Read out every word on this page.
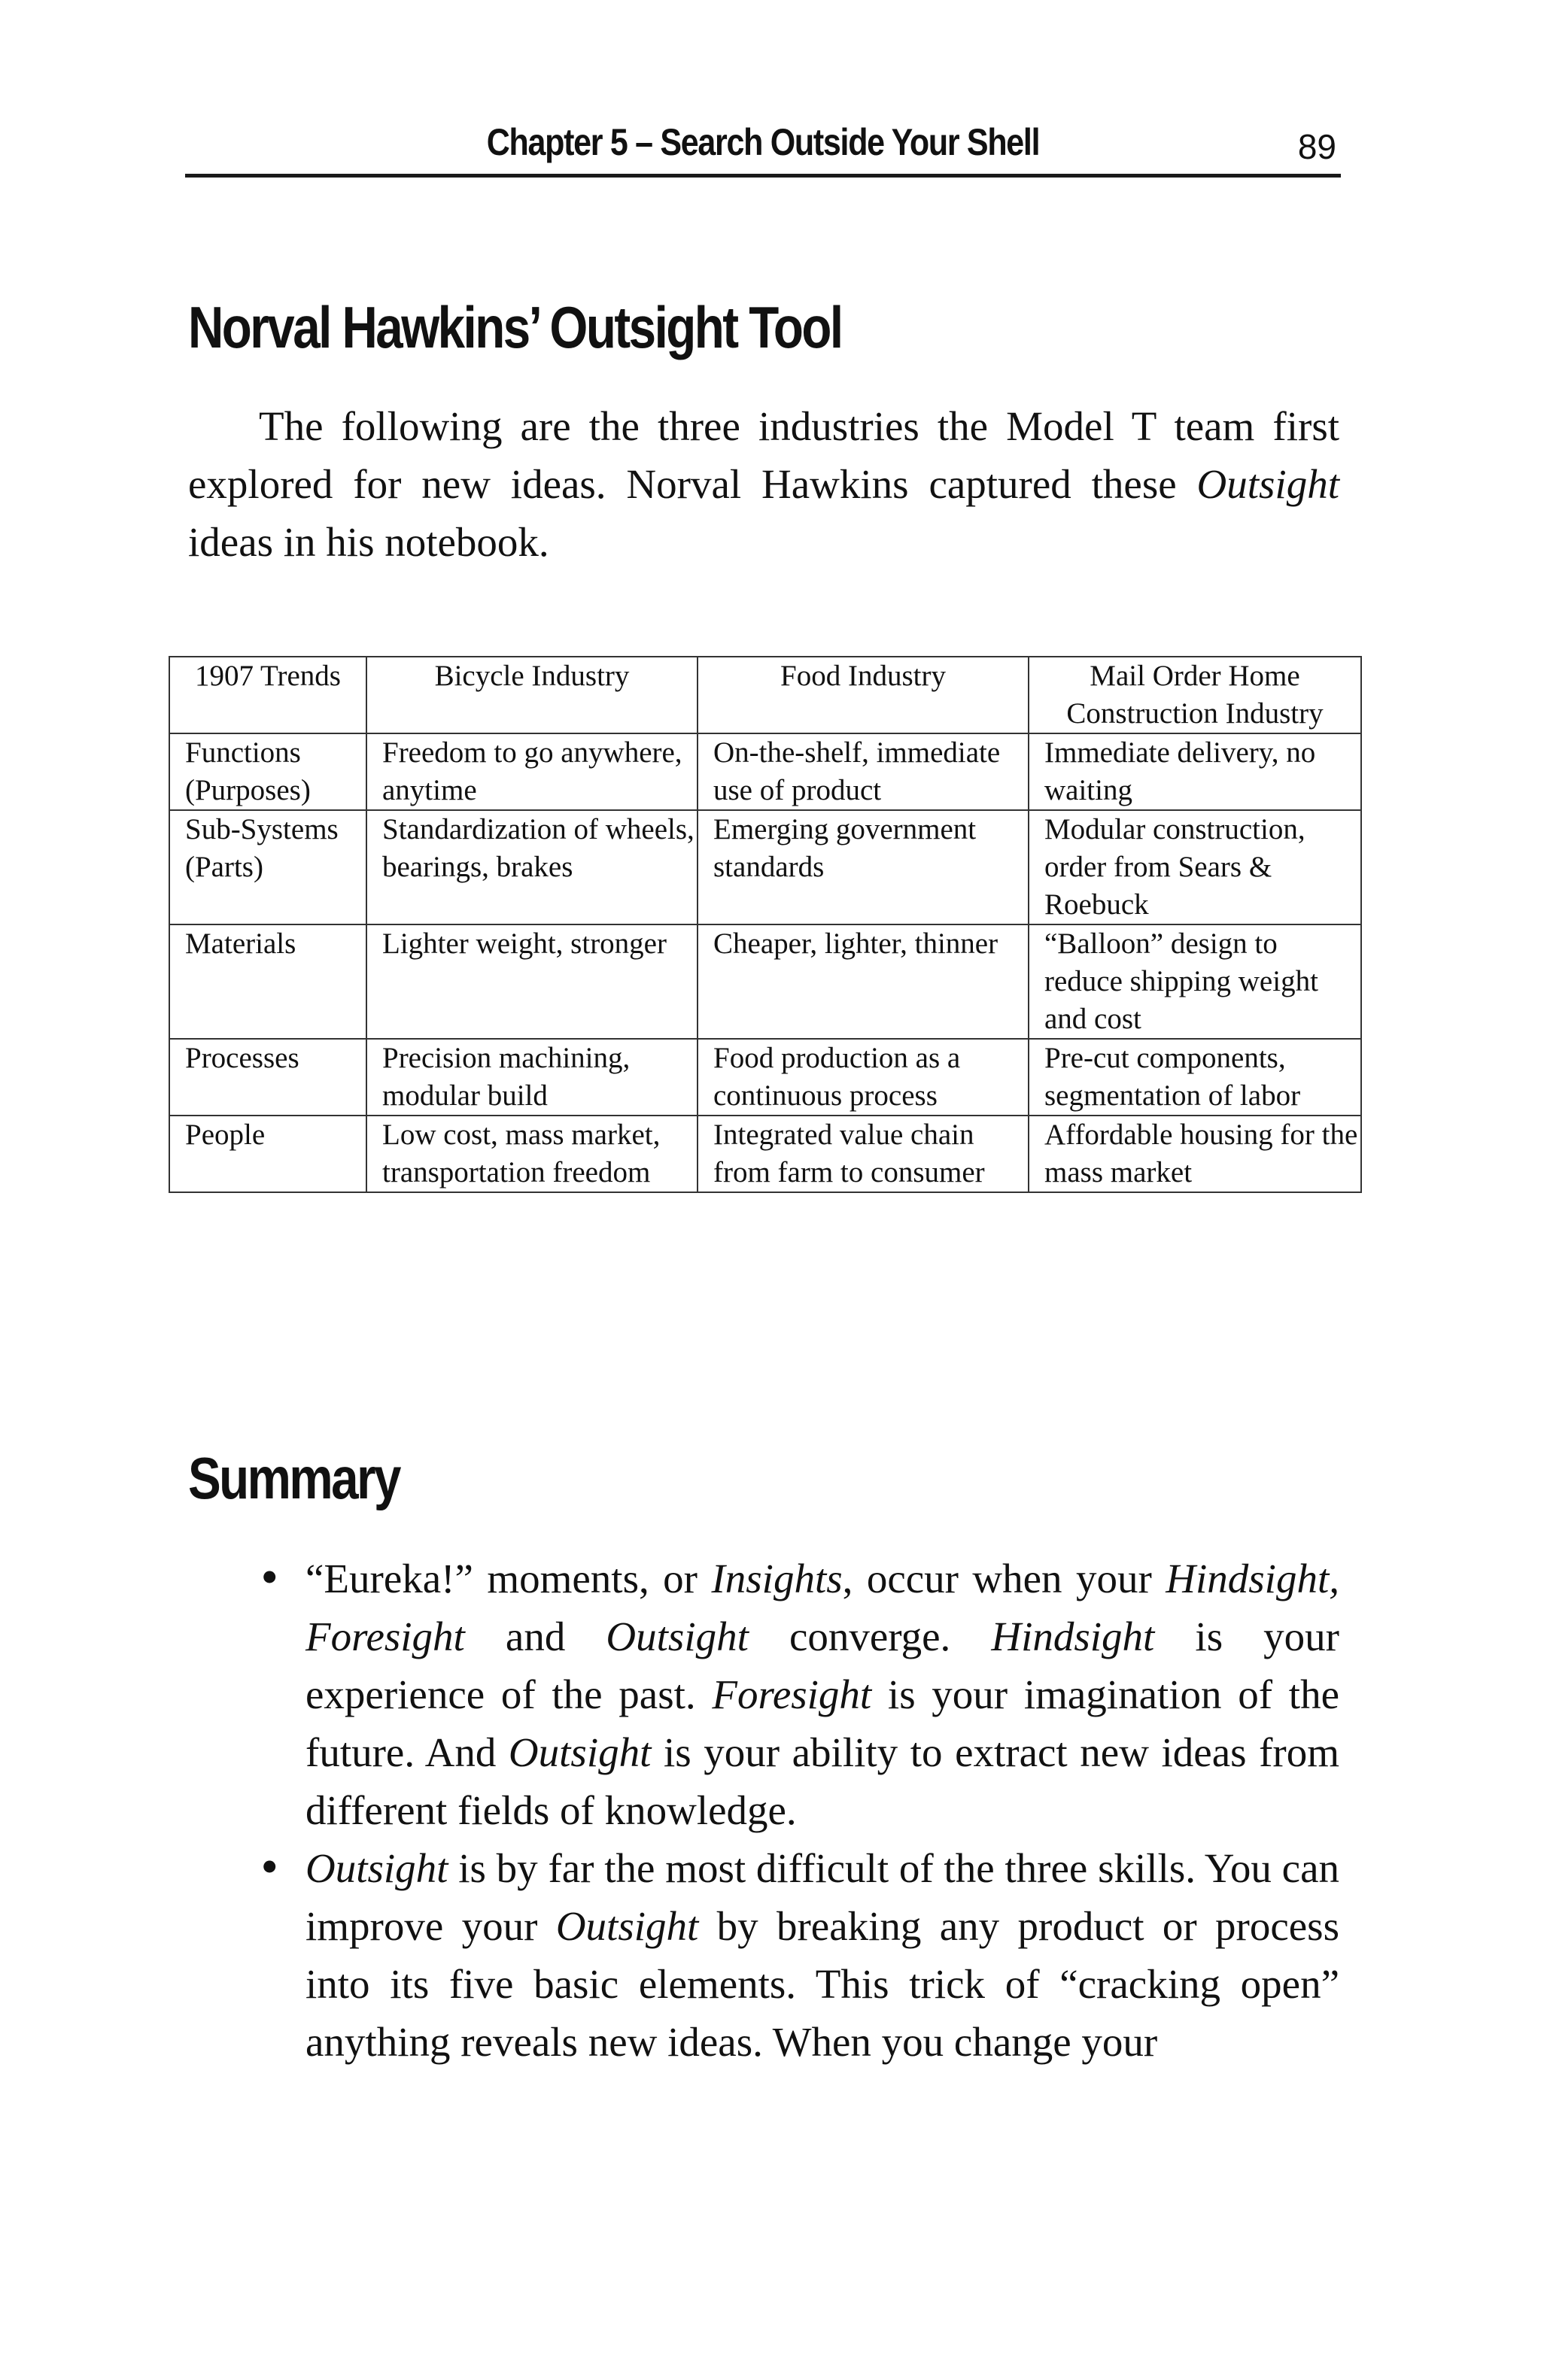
Chapter 5 – Search Outside Your Shell	89
Norval Hawkins’ Outsight Tool

The following are the three industries the Model T team first explored for new ideas. Norval Hawkins captured these Outsight ideas in his notebook.

1907 Trends	Bicycle Industry	Food Industry	Mail Order Home Construction Industry
Functions (Purposes)	Freedom to go anywhere, anytime	On-the-shelf, immediate use of product	Immediate delivery, no waiting
Sub-Systems (Parts)	Standardization of wheels, bearings, brakes	Emerging government standards	Modular construction, order from Sears & Roebuck
Materials	Lighter weight, stronger	Cheaper, lighter, thinner	“Balloon” design to reduce shipping weight and cost
Processes	Precision machining, modular build	Food production as a continuous process	Pre-cut components, segmentation of labor
People	Low cost, mass market, transportation freedom	Integrated value chain from farm to consumer	Affordable housing for the mass market
Summary
• “Eureka!” moments, or Insights, occur when your Hindsight, Foresight and Outsight converge. Hindsight is your experience of the past. Foresight is your imagination of the future. And Outsight is your ability to extract new ideas from different fields of knowledge.
• Outsight is by far the most difficult of the three skills. You can improve your Outsight by breaking any product or process into its five basic elements. This trick of “cracking open” anything reveals new ideas. When you change your
